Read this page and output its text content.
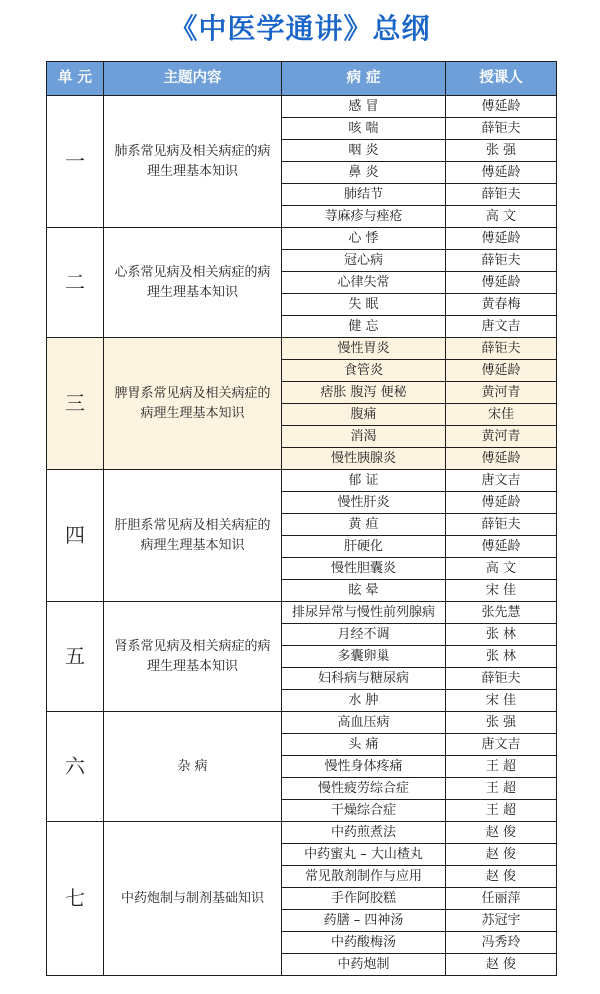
《中医学通讲》总纲
单 元	主题内容	病 症	授课人
一	肺系常见病及相关病症的病理生理基本知识	感 冒	傅延龄
		咳 喘	薛钜夫
		咽 炎	张 强
		鼻 炎	傅延龄
		肺结节	薛钜夫
		荨麻疹与痤疮	高 文
二	心系常见病及相关病症的病理生理基本知识	心 悸	傅延龄
		冠心病	薛钜夫
		心律失常	傅延龄
		失 眠	黄春梅
		健 忘	唐文吉
三	脾胃系常见病及相关病症的病理生理基本知识	慢性胃炎	薛钜夫
		食管炎	傅延龄
		痞胀 腹泻 便秘	黄河青
		腹痛	宋佳
		消渴	黄河青
		慢性胰腺炎	傅延龄
四	肝胆系常见病及相关病症的病理生理基本知识	郁 证	唐文吉
		慢性肝炎	傅延龄
		黄 疸	薛钜夫
		肝硬化	傅延龄
		慢性胆囊炎	高 文
		眩 晕	宋 佳
五	肾系常见病及相关病症的病理生理基本知识	排尿异常与慢性前列腺病	张先慧
		月经不调	张 林
		多囊卵巢	张 林
		妇科病与糖尿病	薛钜夫
		水 肿	宋 佳
六	杂 病	高血压病	张 强
		头 痛	唐文吉
		慢性身体疼痛	王 超
		慢性疲劳综合症	王 超
		干燥综合症	王 超
七	中药炮制与制剂基础知识	中药煎煮法	赵 俊
		中药蜜丸 – 大山楂丸	赵 俊
		常见散剂制作与应用	赵 俊
		手作阿胶糕	任丽萍
		药膳 – 四神汤	苏冠宇
		中药酸梅汤	冯秀玲
		中药炮制	赵 俊
